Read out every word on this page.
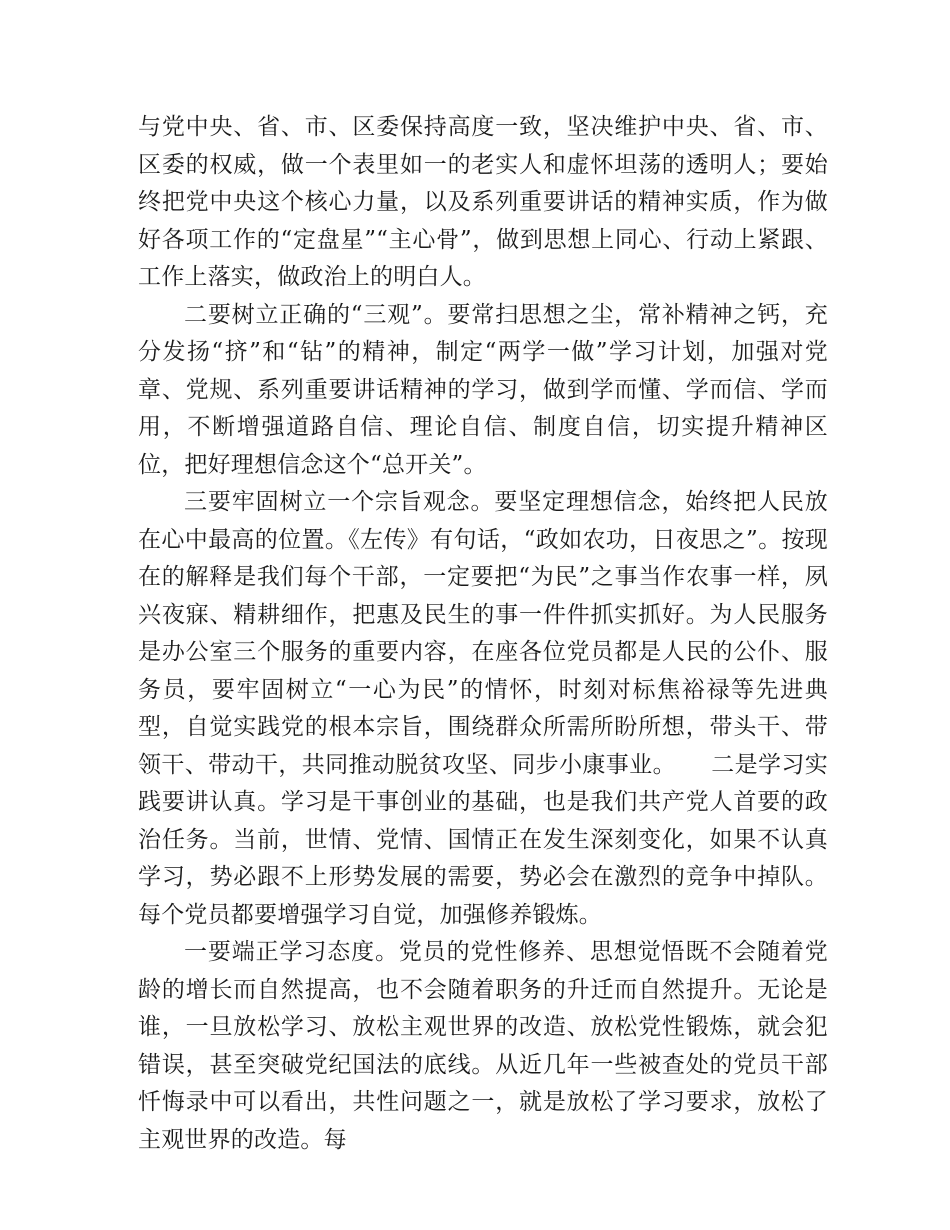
与党中央、省、市、区委保持高度一致，坚决维护中央、省、市、区委的权威，做一个表里如一的老实人和虚怀坦荡的透明人；要始终把党中央这个核心力量，以及系列重要讲话的精神实质，作为做好各项工作的“定盘星”“主心骨”，做到思想上同心、行动上紧跟、工作上落实，做政治上的明白人。

二要树立正确的“三观”。要常扫思想之尘，常补精神之钙，充分发扬“挤”和“钻”的精神，制定“两学一做”学习计划，加强对党章、党规、系列重要讲话精神的学习，做到学而懂、学而信、学而用，不断增强道路自信、理论自信、制度自信，切实提升精神区位，把好理想信念这个“总开关”。

三要牢固树立一个宗旨观念。要坚定理想信念，始终把人民放在心中最高的位置。《左传》有句话，“政如农功，日夜思之”。按现在的解释是我们每个干部，一定要把“为民”之事当作农事一样，夙兴夜寐、精耕细作，把惠及民生的事一件件抓实抓好。为人民服务是办公室三个服务的重要内容，在座各位党员都是人民的公仆、服务员，要牢固树立“一心为民”的情怀，时刻对标焦裕禄等先进典型，自觉实践党的根本宗旨，围绕群众所需所盼所想，带头干、带领干、带动干，共同推动脱贫攻坚、同步小康事业。　　二是学习实践要讲认真。学习是干事创业的基础，也是我们共产党人首要的政治任务。当前，世情、党情、国情正在发生深刻变化，如果不认真学习，势必跟不上形势发展的需要，势必会在激烈的竞争中掉队。每个党员都要增强学习自觉，加强修养锻炼。

一要端正学习态度。党员的党性修养、思想觉悟既不会随着党龄的增长而自然提高，也不会随着职务的升迁而自然提升。无论是谁，一旦放松学习、放松主观世界的改造、放松党性锻炼，就会犯错误，甚至突破党纪国法的底线。从近几年一些被查处的党员干部忏悔录中可以看出，共性问题之一，就是放松了学习要求，放松了主观世界的改造。每
